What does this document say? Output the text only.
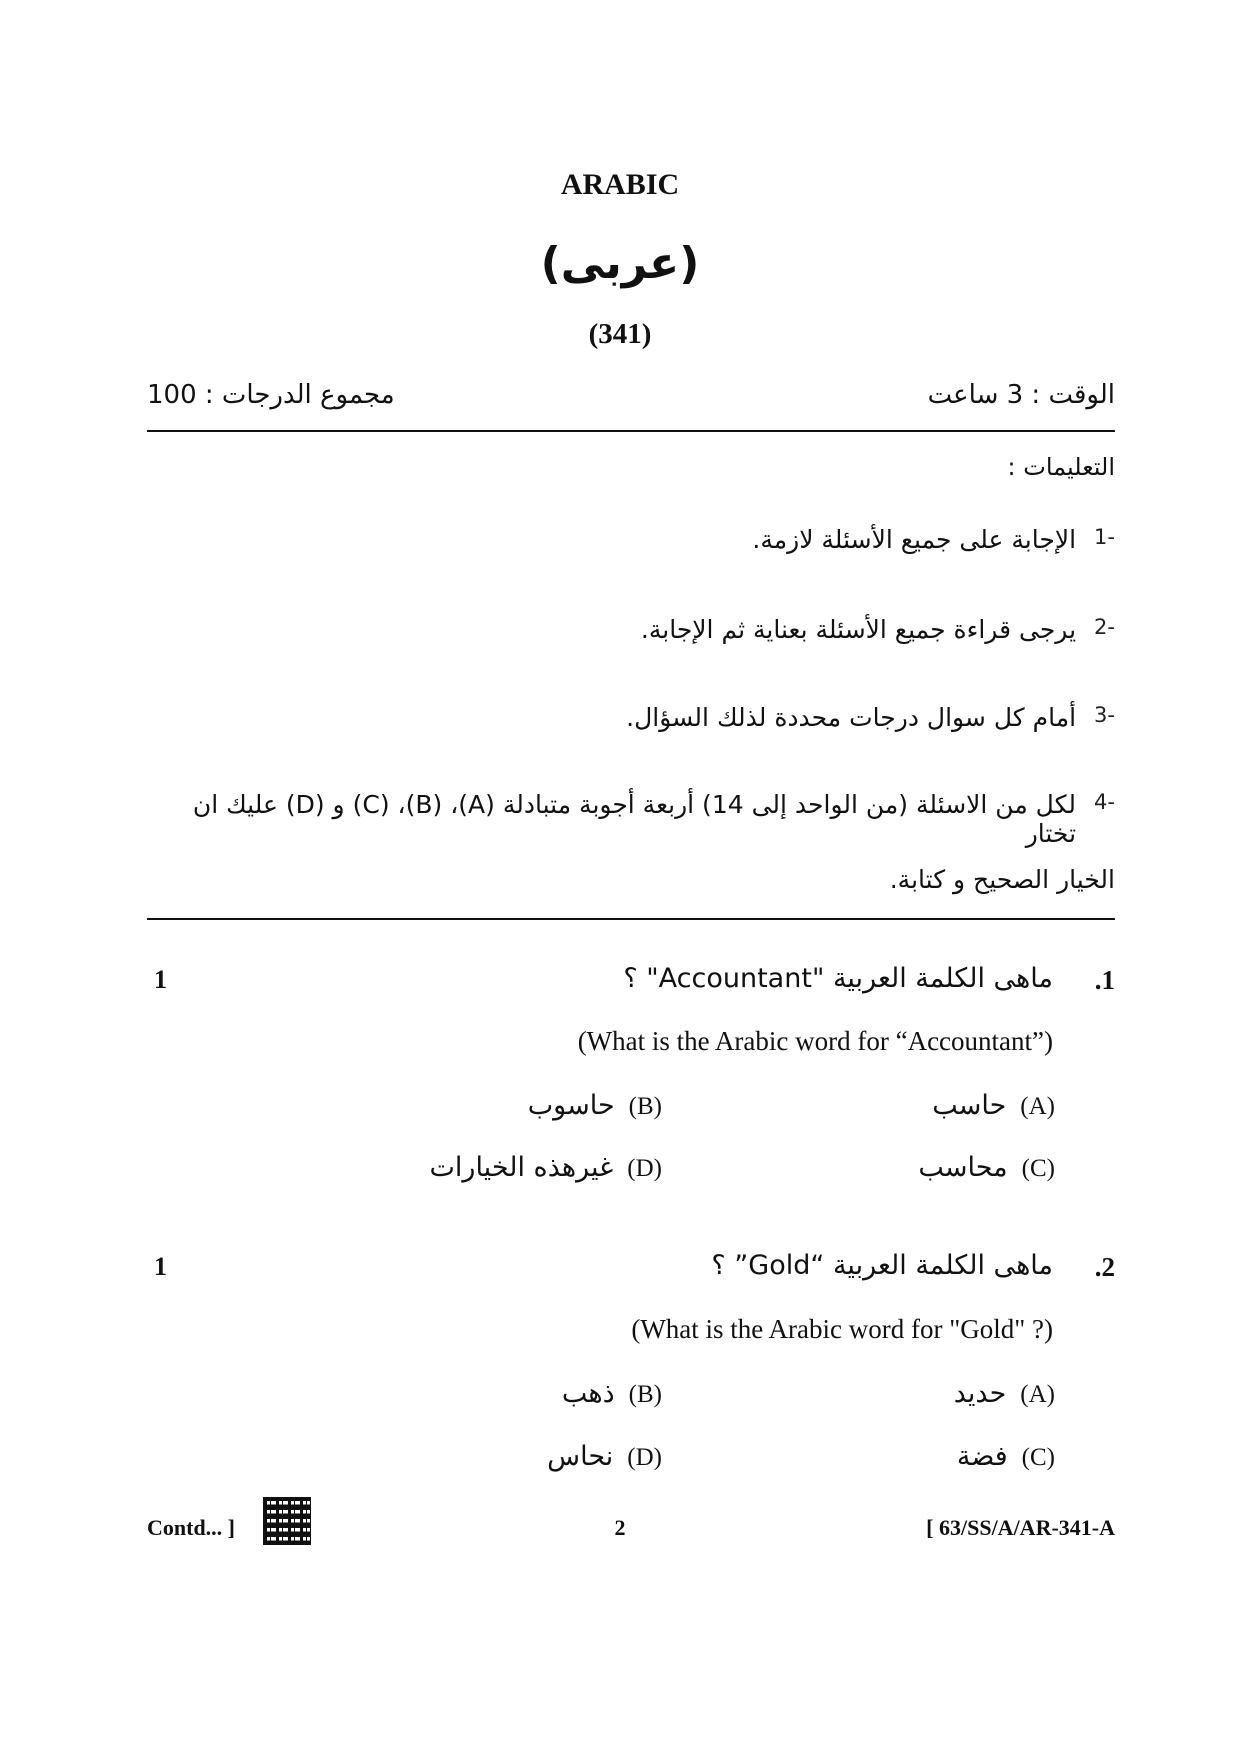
ARABIC
(عربى)
(341)
مجموع الدرجات : 100	الوقت : 3 ساعت
التعليمات :
-1
الإجابة على جميع الأسئلة لازمة.
-2
يرجى قراءة جميع الأسئلة بعناية ثم الإجابة.
-3
أمام كل سوال درجات محددة لذلك السؤال.
-4
لكل من الاسئلة (من الواحد إلى 14) أربعة أجوبة متبادلة (A)، (B)، (C) و (D) عليك ان تختار
الخيار الصحيح و كتابة.
1	.1
ماهى الكلمة العربية "Accountant" ؟
(What is the Arabic word for “Accountant”)
(A)
حاسب
(B)
حاسوب
(C)
محاسب
(D)
غيرهذه الخيارات
1	.2
ماهى الكلمة العربية “Gold” ؟
(What is the Arabic word for "Gold" ?)
(A)
حديد
(B)
ذهب
(C)
فضة
(D)
نحاس
Contd... ]	2	[ 63/SS/A/AR-341-A
